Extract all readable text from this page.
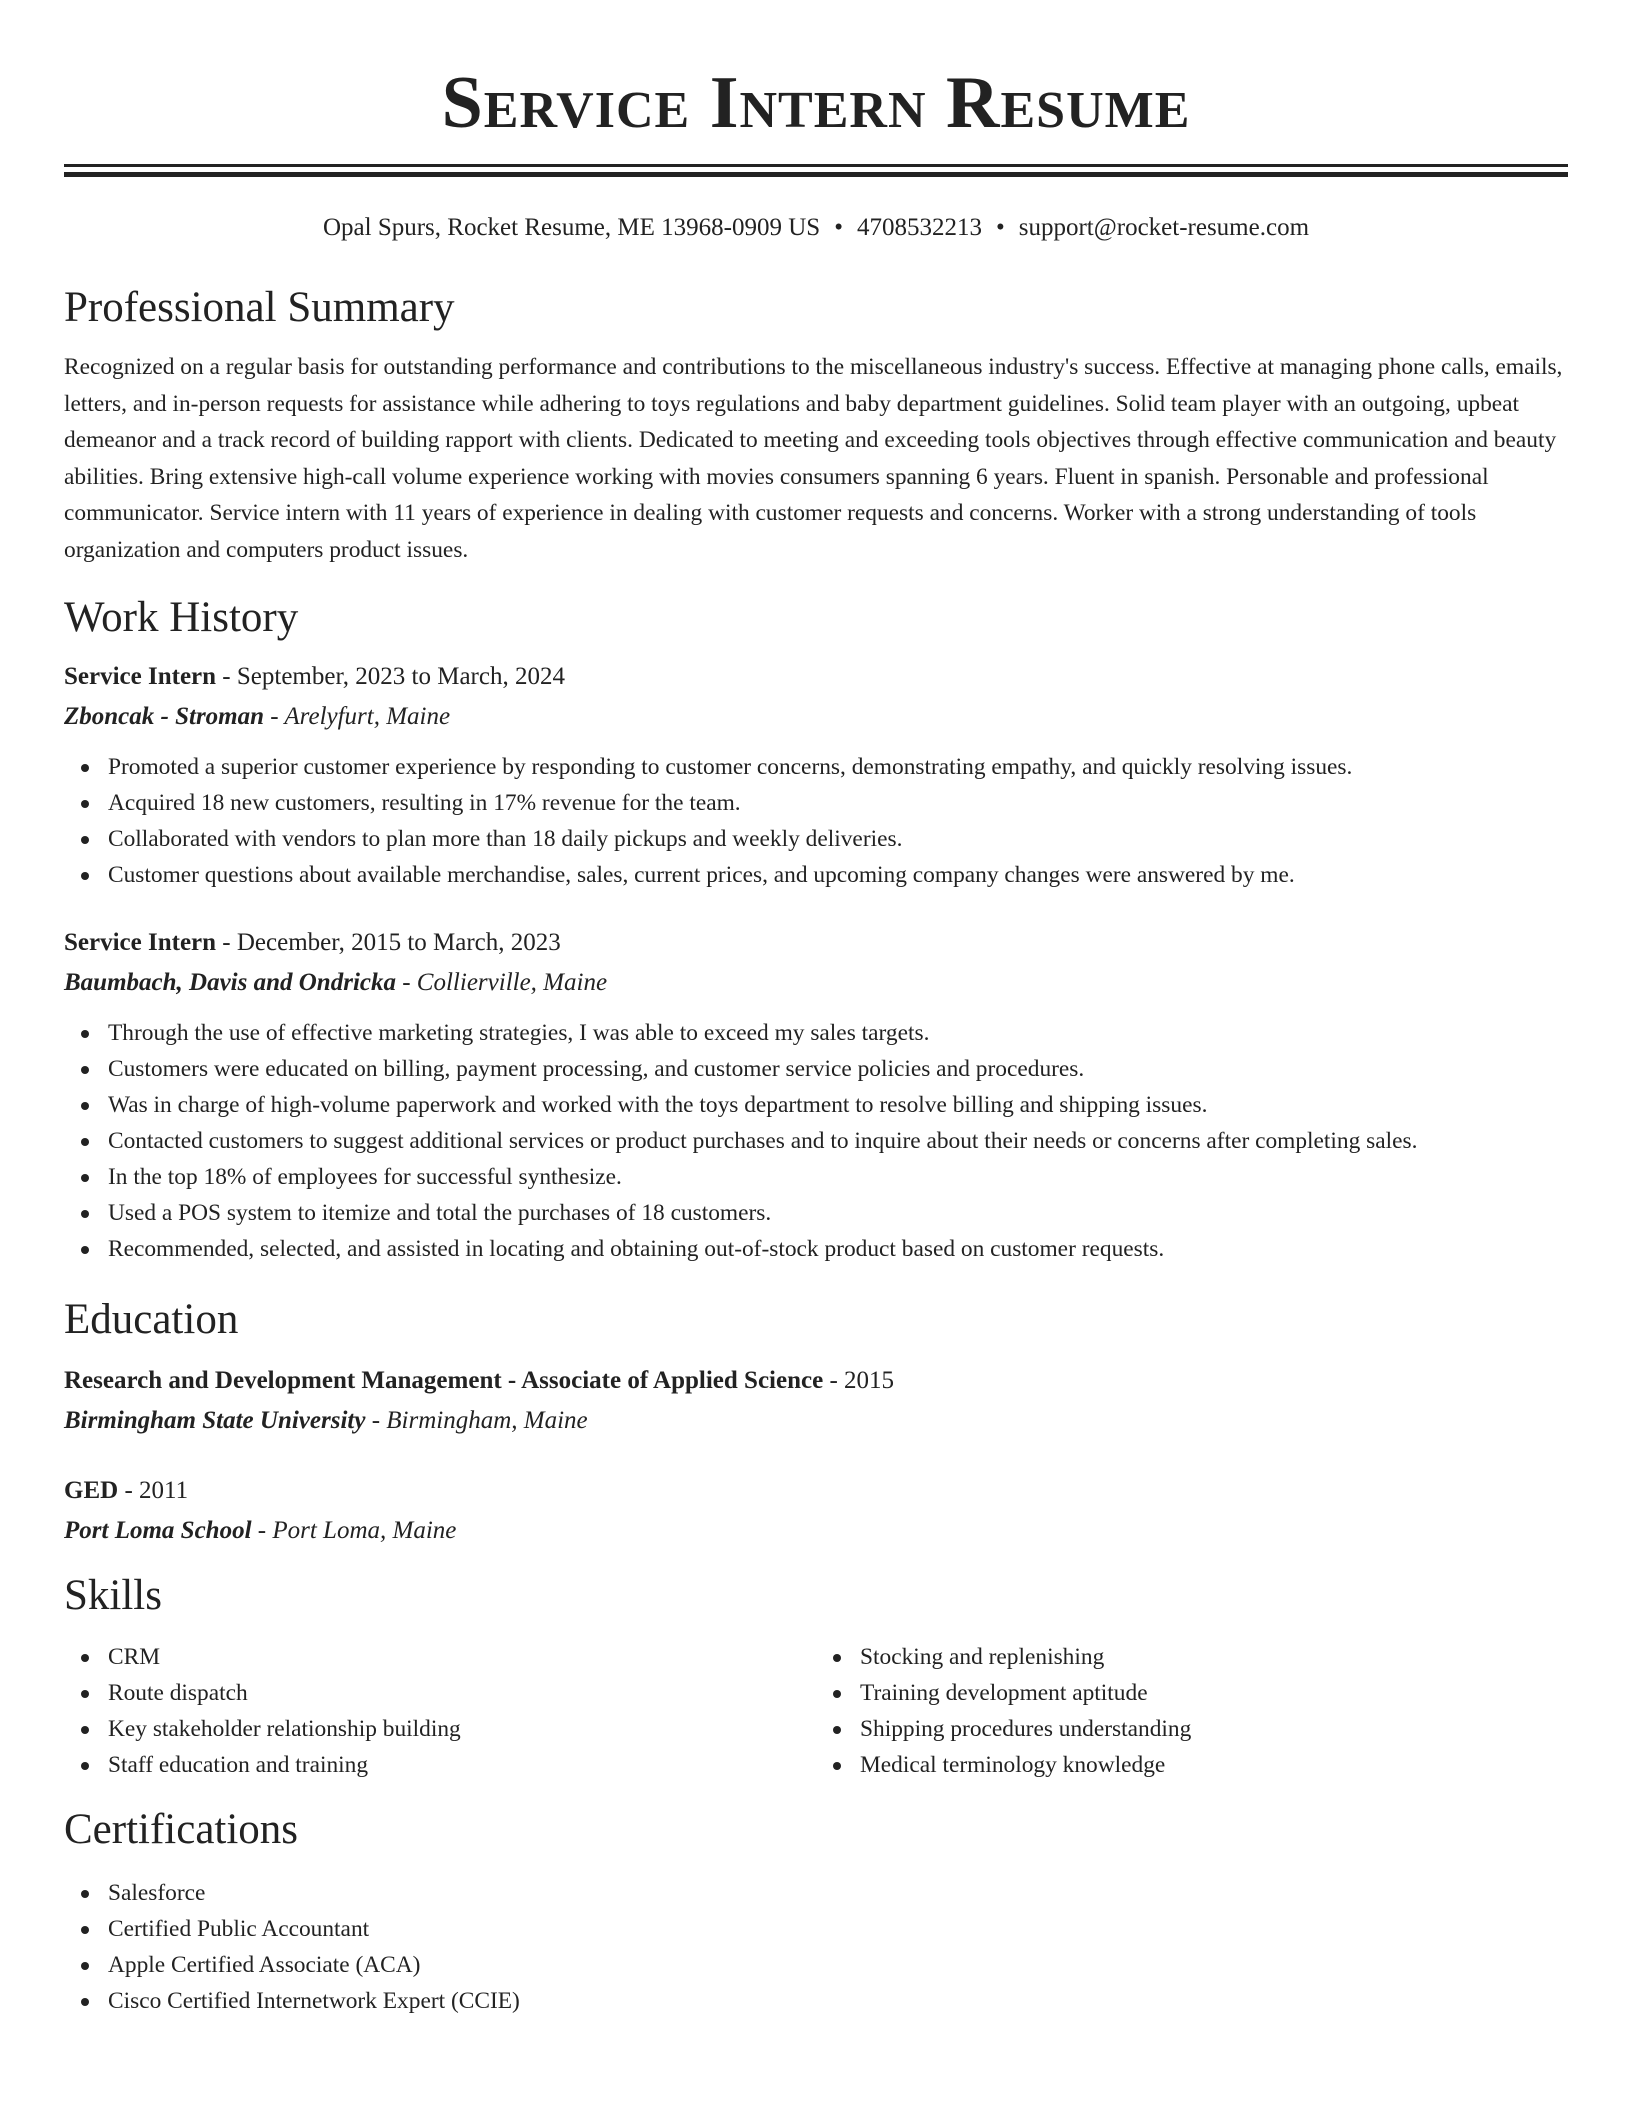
Service Intern Resume
Opal Spurs, Rocket Resume, ME 13968-0909 US • 4708532213 • support@rocket-resume.com
Professional Summary

Recognized on a regular basis for outstanding performance and contributions to the miscellaneous industry's success. Effective at managing phone calls, emails, letters, and in-person requests for assistance while adhering to toys regulations and baby department guidelines. Solid team player with an outgoing, upbeat demeanor and a track record of building rapport with clients. Dedicated to meeting and exceeding tools objectives through effective communication and beauty abilities. Bring extensive high-call volume experience working with movies consumers spanning 6 years. Fluent in spanish. Personable and professional communicator. Service intern with 11 years of experience in dealing with customer requests and concerns. Worker with a strong understanding of tools organization and computers product issues.

Work History
Service Intern - September, 2023 to March, 2024
Zboncak - Stroman - Arelyfurt, Maine
Promoted a superior customer experience by responding to customer concerns, demonstrating empathy, and quickly resolving issues.
Acquired 18 new customers, resulting in 17% revenue for the team.
Collaborated with vendors to plan more than 18 daily pickups and weekly deliveries.
Customer questions about available merchandise, sales, current prices, and upcoming company changes were answered by me.
Service Intern - December, 2015 to March, 2023
Baumbach, Davis and Ondricka - Collierville, Maine
Through the use of effective marketing strategies, I was able to exceed my sales targets.
Customers were educated on billing, payment processing, and customer service policies and procedures.
Was in charge of high-volume paperwork and worked with the toys department to resolve billing and shipping issues.
Contacted customers to suggest additional services or product purchases and to inquire about their needs or concerns after completing sales.
In the top 18% of employees for successful synthesize.
Used a POS system to itemize and total the purchases of 18 customers.
Recommended, selected, and assisted in locating and obtaining out-of-stock product based on customer requests.
Education
Research and Development Management - Associate of Applied Science - 2015
Birmingham State University - Birmingham, Maine
GED - 2011
Port Loma School - Port Loma, Maine
Skills
CRM
Route dispatch
Key stakeholder relationship building
Staff education and training
Stocking and replenishing
Training development aptitude
Shipping procedures understanding
Medical terminology knowledge
Certifications
Salesforce
Certified Public Accountant
Apple Certified Associate (ACA)
Cisco Certified Internetwork Expert (CCIE)
